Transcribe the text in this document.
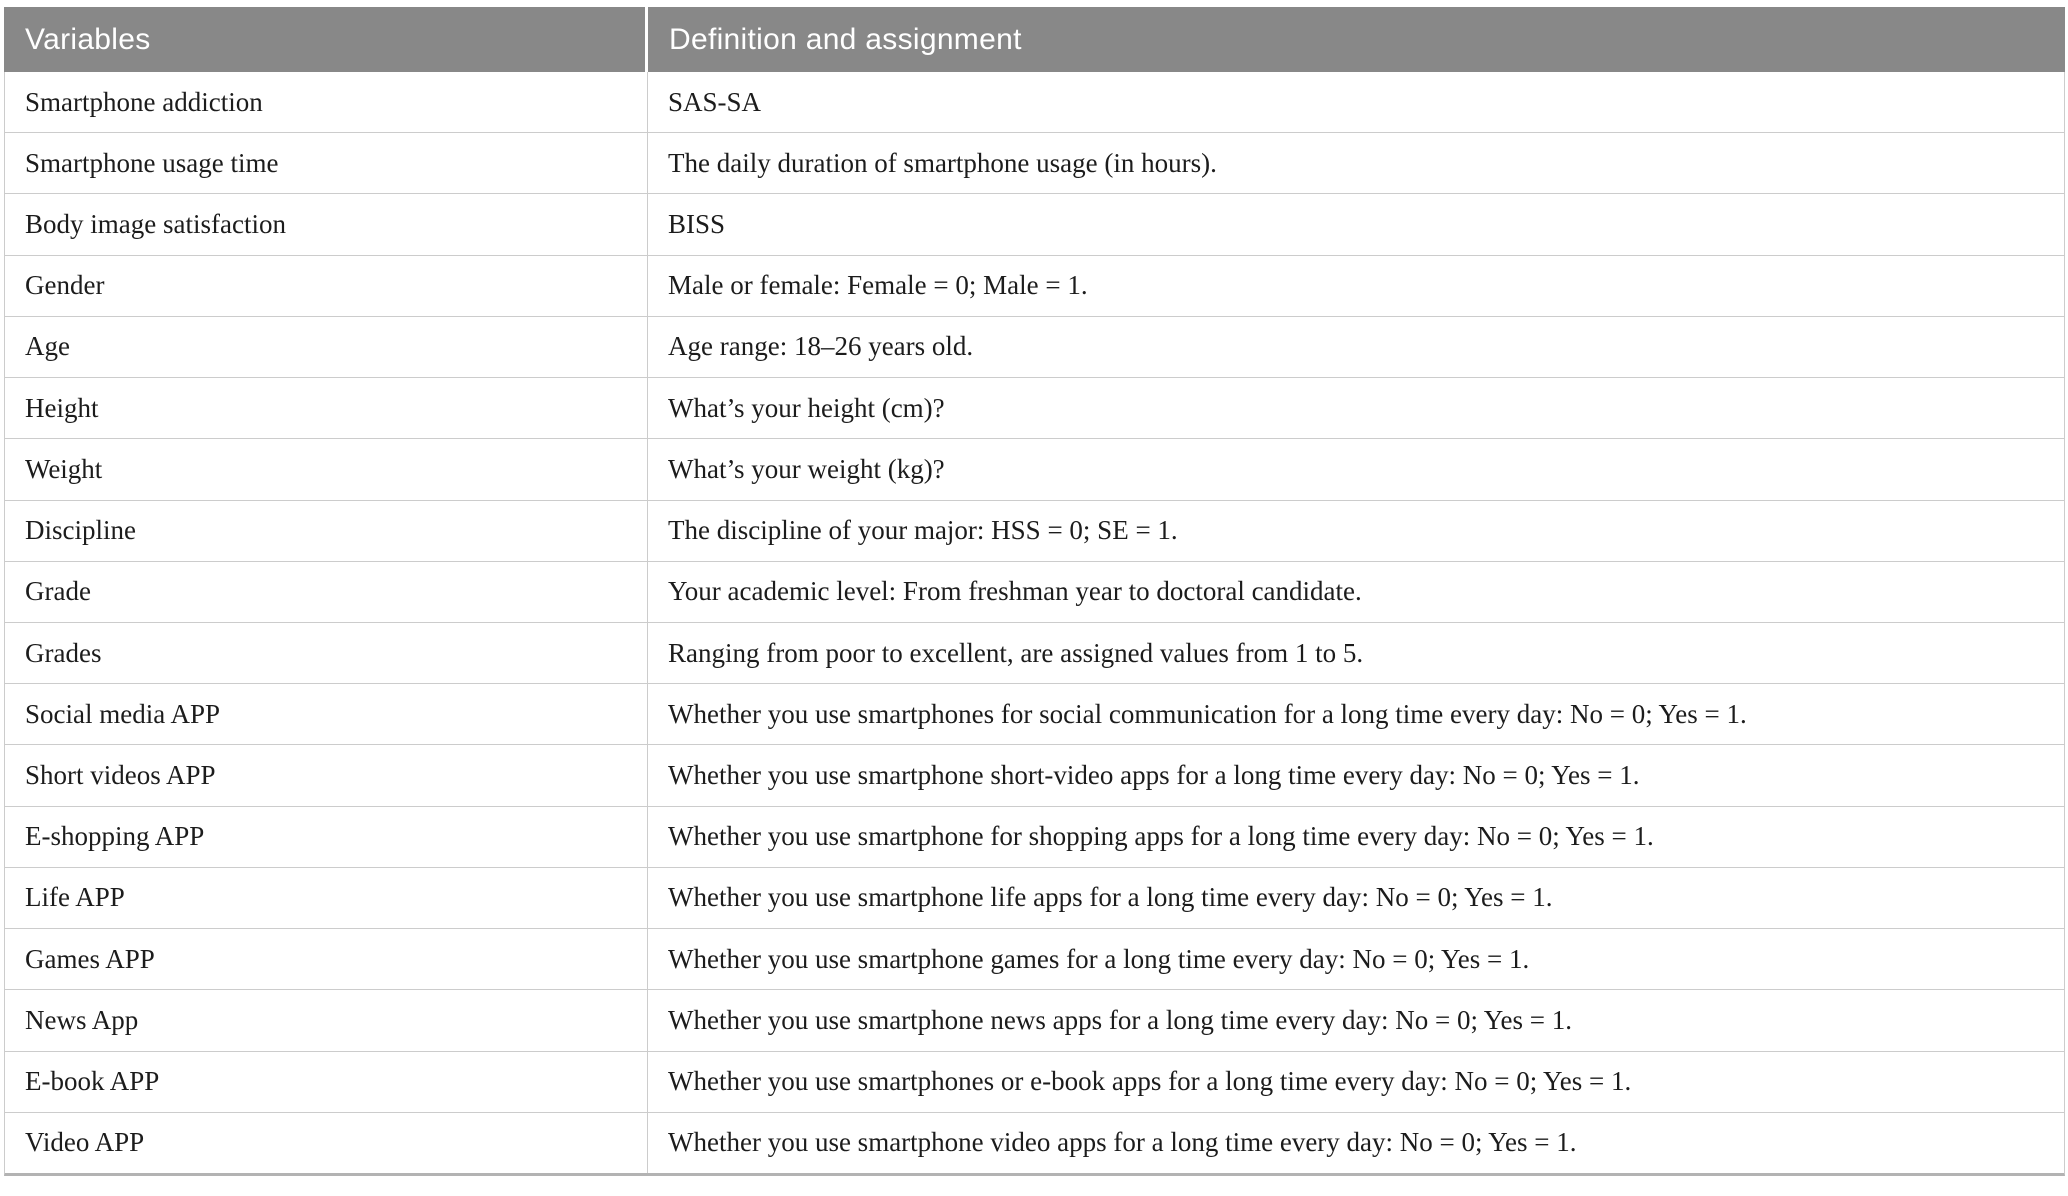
Variables	Definition and assignment
Smartphone addiction	SAS-SA
Smartphone usage time	The daily duration of smartphone usage (in hours).
Body image satisfaction	BISS
Gender	Male or female: Female = 0; Male = 1.
Age	Age range: 18–26 years old.
Height	What’s your height (cm)?
Weight	What’s your weight (kg)?
Discipline	The discipline of your major: HSS = 0; SE = 1.
Grade	Your academic level: From freshman year to doctoral candidate.
Grades	Ranging from poor to excellent, are assigned values from 1 to 5.
Social media APP	Whether you use smartphones for social communication for a long time every day: No = 0; Yes = 1.
Short videos APP	Whether you use smartphone short-video apps for a long time every day: No = 0; Yes = 1.
E-shopping APP	Whether you use smartphone for shopping apps for a long time every day: No = 0; Yes = 1.
Life APP	Whether you use smartphone life apps for a long time every day: No = 0; Yes = 1.
Games APP	Whether you use smartphone games for a long time every day: No = 0; Yes = 1.
News App	Whether you use smartphone news apps for a long time every day: No = 0; Yes = 1.
E-book APP	Whether you use smartphones or e-book apps for a long time every day: No = 0; Yes = 1.
Video APP	Whether you use smartphone video apps for a long time every day: No = 0; Yes = 1.
